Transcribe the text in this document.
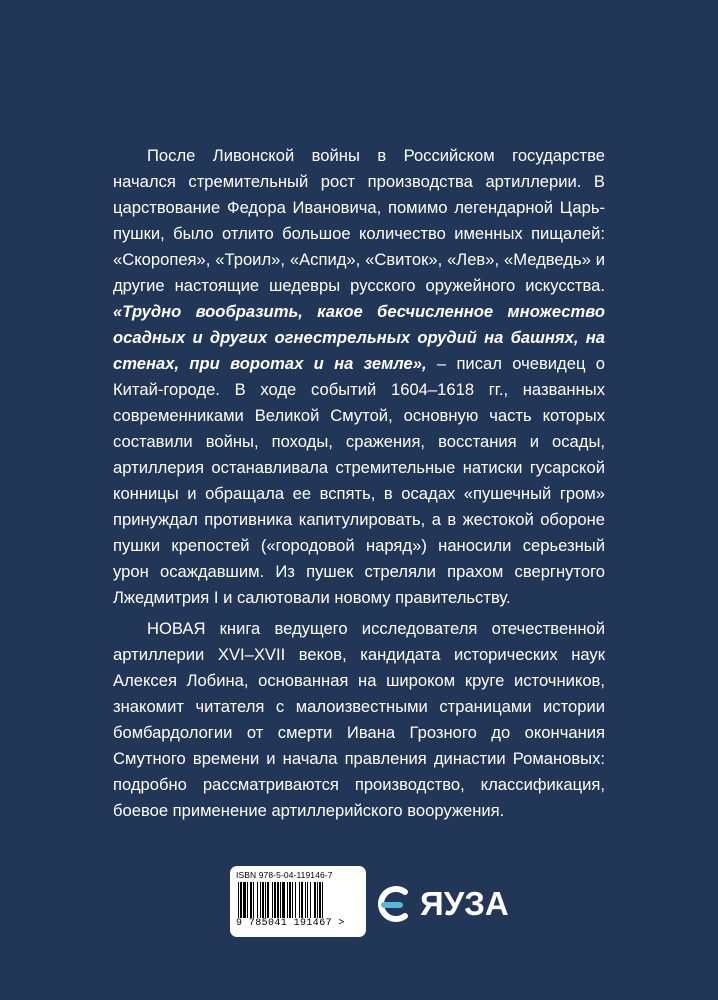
После Ливонской войны в Российском государстве начался стремительный рост производства артиллерии. В царствование Федора Ивановича, помимо легендарной Царь-пушки, было отлито большое количество именных пищалей: «Скоропея», «Троил», «Аспид», «Свиток», «Лев», «Медведь» и другие настоящие шедевры русского оружейного искусства. «Трудно вообразить, какое бесчисленное множество осадных и других огнестрельных орудий на башнях, на стенах, при воротах и на земле», – писал очевидец о Китай-городе. В ходе событий 1604–1618 гг., названных современниками Великой Смутой, основную часть которых составили войны, походы, сражения, восстания и осады, артиллерия останавливала стремительные натиски гусарской конницы и обращала ее вспять, в осадах «пушечный гром» принуждал противника капитулировать, а в жестокой обороне пушки крепостей («городовой наряд») наносили серьезный урон осаждавшим. Из пушек стреляли прахом свергнутого Лжедмитрия I и салютовали новому правительству.

НОВАЯ книга ведущего исследователя отечественной артиллерии XVI–XVII веков, кандидата исторических наук Алексея Лобина, основанная на широком круге источников, знакомит читателя с малоизвестными страницами истории бомбардологии от смерти Ивана Грозного до окончания Смутного времени и начала правления династии Романовых: подробно рассматриваются производство, классификация, боевое применение артиллерийского вооружения.

ISBN 978-5-04-119146-7
9 785041 191467 >
ЯУЗА
